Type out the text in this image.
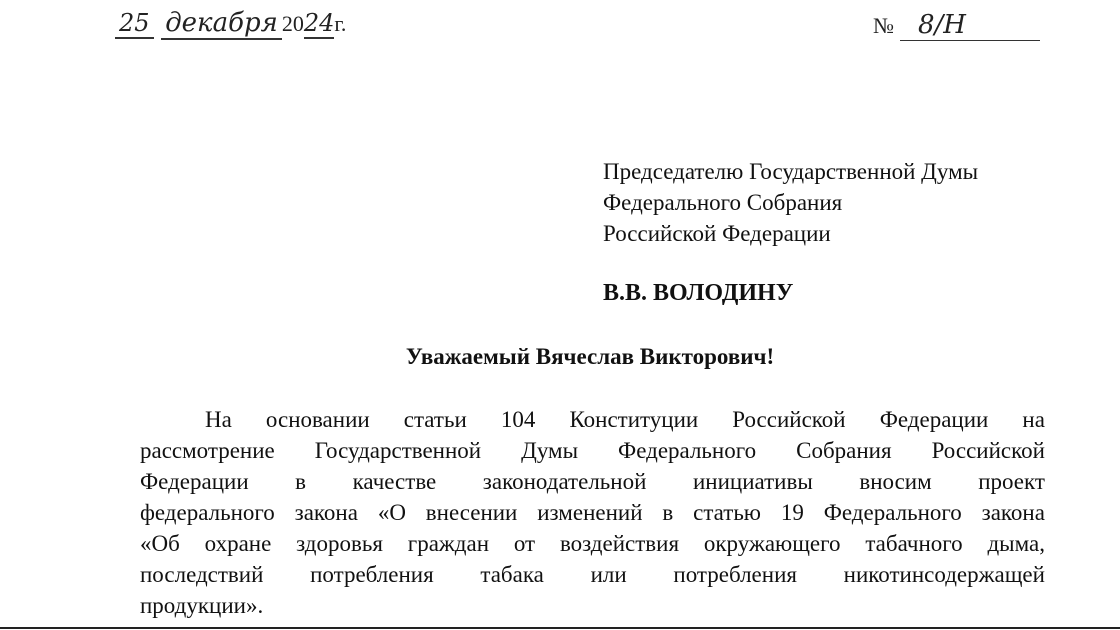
25 декабря 2024г.	№ 8/Н
Председателю Государственной Думы
Федерального Собрания
Российской Федерации
В.В. ВОЛОДИНУ
Уважаемый Вячеслав Викторович!
На основании статьи 104 Конституции Российской Федерации на
рассмотрение Государственной Думы Федерального Собрания Российской
Федерации в качестве законодательной инициативы вносим проект
федерального закона «О внесении изменений в статью 19 Федерального закона
«Об охране здоровья граждан от воздействия окружающего табачного дыма,
последствий потребления табака или потребления никотинсодержащей
продукции».
